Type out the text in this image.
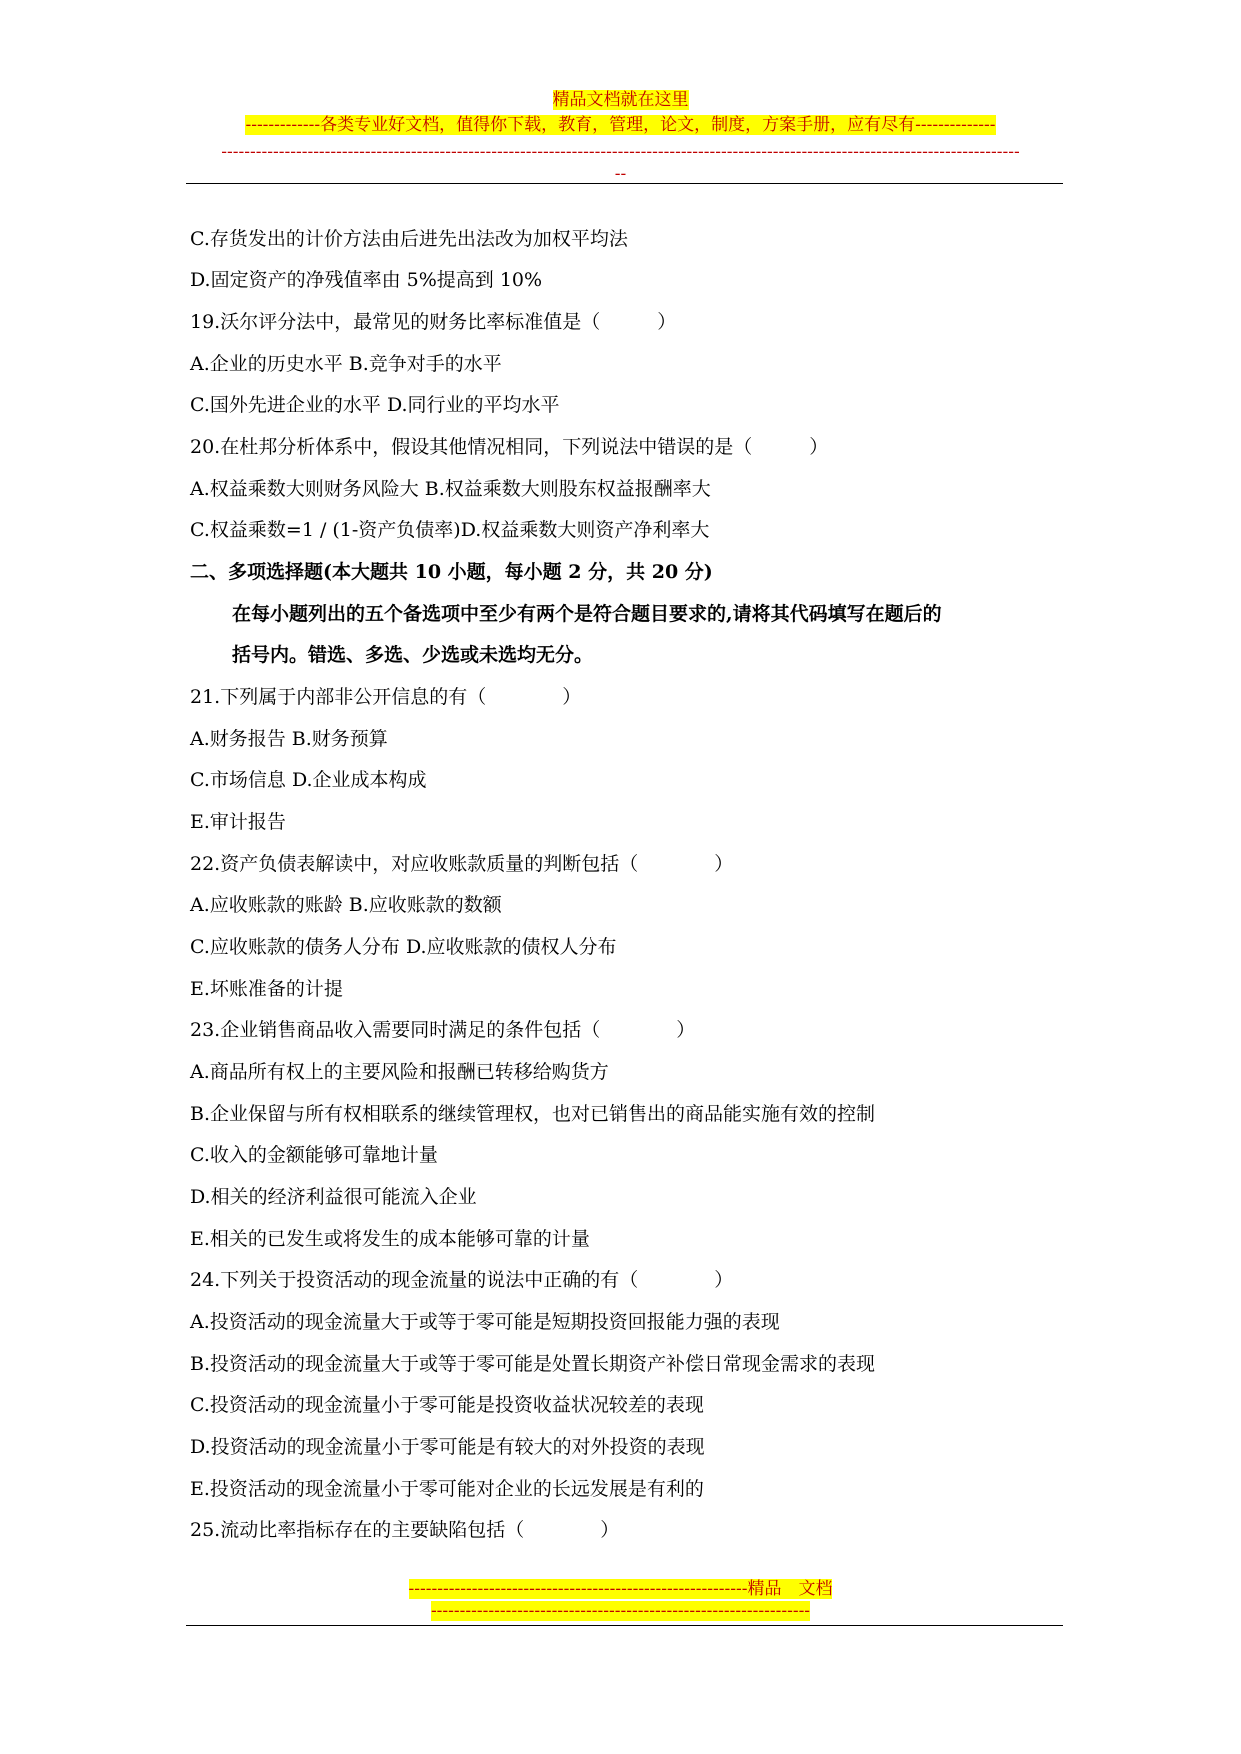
精品文档就在这里
-------------各类专业好文档，值得你下载，教育，管理，论文，制度，方案手册，应有尽有--------------
-------------------------------------------------------------------------------------------------------------------------------------------
--
C.存货发出的计价方法由后进先出法改为加权平均法
D.固定资产的净残值率由 5%提高到 10%
19.沃尔评分法中，最常见的财务比率标准值是（　　　）
A.企业的历史水平 B.竞争对手的水平
C.国外先进企业的水平 D.同行业的平均水平
20.在杜邦分析体系中，假设其他情况相同，下列说法中错误的是（　　　）
A.权益乘数大则财务风险大 B.权益乘数大则股东权益报酬率大
C.权益乘数=1 / (1-资产负债率)D.权益乘数大则资产净利率大
二、多项选择题(本大题共 10 小题，每小题 2 分，共 20 分)
在每小题列出的五个备选项中至少有两个是符合题目要求的,请将其代码填写在题后的
括号内。错选、多选、少选或未选均无分。
21.下列属于内部非公开信息的有（　　　　）
A.财务报告 B.财务预算
C.市场信息 D.企业成本构成
E.审计报告
22.资产负债表解读中，对应收账款质量的判断包括（　　　　）
A.应收账款的账龄 B.应收账款的数额
C.应收账款的债务人分布 D.应收账款的债权人分布
E.坏账准备的计提
23.企业销售商品收入需要同时满足的条件包括（　　　　）
A.商品所有权上的主要风险和报酬已转移给购货方
B.企业保留与所有权相联系的继续管理权，也对已销售出的商品能实施有效的控制
C.收入的金额能够可靠地计量
D.相关的经济利益很可能流入企业
E.相关的已发生或将发生的成本能够可靠的计量
24.下列关于投资活动的现金流量的说法中正确的有（　　　　）
A.投资活动的现金流量大于或等于零可能是短期投资回报能力强的表现
B.投资活动的现金流量大于或等于零可能是处置长期资产补偿日常现金需求的表现
C.投资活动的现金流量小于零可能是投资收益状况较差的表现
D.投资活动的现金流量小于零可能是有较大的对外投资的表现
E.投资活动的现金流量小于零可能对企业的长远发展是有利的
25.流动比率指标存在的主要缺陷包括（　　　　）
-----------------------------------------------------------精品　文档
------------------------------------------------------------------
